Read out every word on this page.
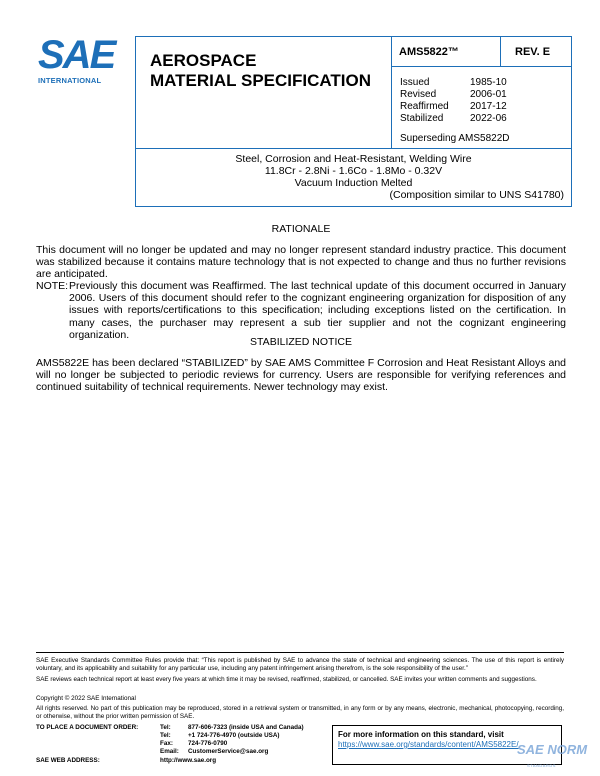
SAE
INTERNATIONAL
AEROSPACE
MATERIAL SPECIFICATION
AMS5822™	REV. E
Issued	1985-10
Revised	2006-01
Reaffirmed	2017-12
Stabilized	2022-06
Superseding AMS5822D
Steel, Corrosion and Heat-Resistant, Welding Wire
11.8Cr - 2.8Ni - 1.6Co - 1.8Mo - 0.32V
Vacuum Induction Melted
(Composition similar to UNS S41780)
RATIONALE
This document will no longer be updated and may no longer represent standard industry practice. This document was stabilized because it contains mature technology that is not expected to change and thus no further revisions are anticipated.
NOTE: Previously this document was Reaffirmed. The last technical update of this document occurred in January 2006. Users of this document should refer to the cognizant engineering organization for disposition of any issues with reports/certifications to this specification; including exceptions listed on the certification. In many cases, the purchaser may represent a sub tier supplier and not the cognizant engineering organization.
STABILIZED NOTICE
AMS5822E has been declared “STABILIZED” by SAE AMS Committee F Corrosion and Heat Resistant Alloys and will no longer be subjected to periodic reviews for currency. Users are responsible for verifying references and continued suitability of technical requirements. Newer technology may exist.
SAE Executive Standards Committee Rules provide that: “This report is published by SAE to advance the state of technical and engineering sciences. The use of this report is entirely voluntary, and its applicability and suitability for any particular use, including any patent infringement arising therefrom, is the sole responsibility of the user.”
SAE reviews each technical report at least every five years at which time it may be revised, reaffirmed, stabilized, or cancelled. SAE invites your written comments and suggestions.
Copyright © 2022 SAE International
All rights reserved. No part of this publication may be reproduced, stored in a retrieval system or transmitted, in any form or by any means, electronic, mechanical, photocopying, recording, or otherwise, without the prior written permission of SAE.
TO PLACE A DOCUMENT ORDER:	Tel:	877-606-7323 (inside USA and Canada)
Tel:	+1 724-776-4970 (outside USA)
Fax:	724-776-0790
Email:	CustomerService@sae.org
SAE WEB ADDRESS:	http://www.sae.org
For more information on this standard, visit
https://www.sae.org/standards/content/AMS5822E/
SAE NORM
STANDARDS
